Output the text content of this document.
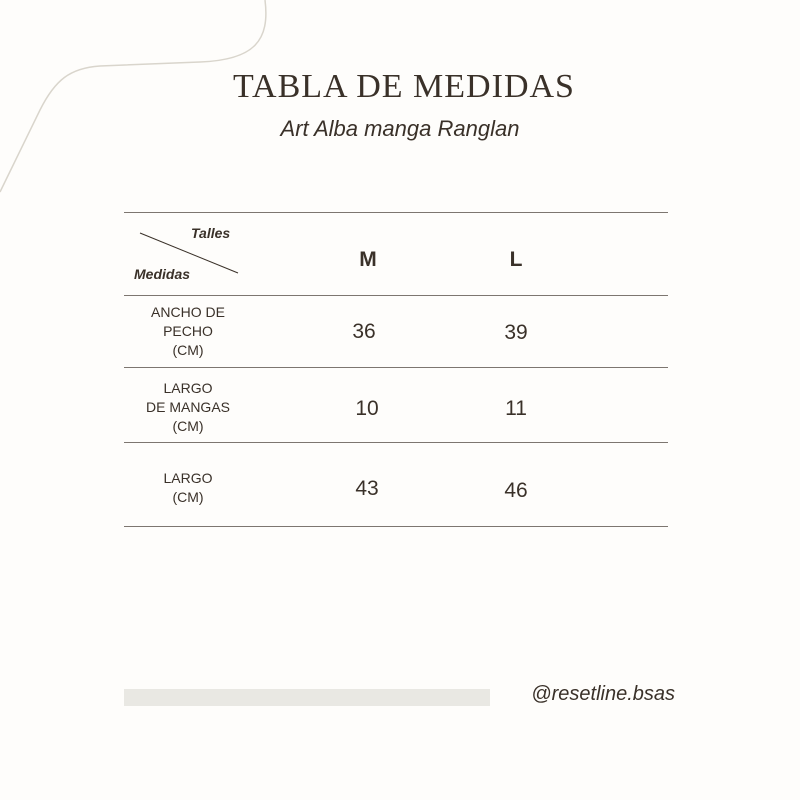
TABLA DE MEDIDAS
Art Alba manga Ranglan
Talles
Medidas
M	L
ANCHO DE
PECHO
(CM)
36	39
LARGO
DE MANGAS
(CM)
10	11
LARGO
(CM)	43	46
@resetline.bsas
